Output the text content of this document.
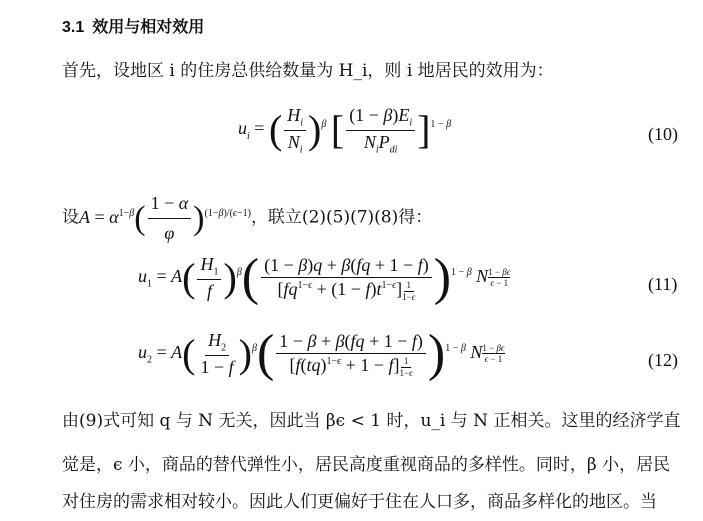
3.1 效用与相对效用
首先，设地区 i 的住房总供给数量为 H_i，则 i 地居民的效用为：
$u_i$ = ( $\frac{H_i}{N_i} )^\beta$ [ $\frac{(1 - \beta)E_i}{N_iP_{di}} ]^{1 - \beta}$	(10)
设$A = \alpha^{1-\beta}( \frac{1 - \alpha}{\varphi} )^{(1-\beta)/(\epsilon-1)}$，联立(2)(5)(7)(8)得：
$u_1 = A( \frac{H_1}{f} )^\beta( \frac{(1 - \beta)q + \beta(fq + 1 - f)}{[fq^{1-\epsilon} + (1 - f)t^{1-\epsilon}] \frac{1}{1-\epsilon}} )^{1 - \beta}$ N $\frac{1 - \beta\epsilon}{\epsilon - 1}$	(11)
$u_2 = A( \frac{H_2}{1 - f} )^\beta( \frac{1 - \beta + \beta(fq + 1 - f)}{[f(tq)^{1-\epsilon} + 1 - f] \frac{1}{1-\epsilon}} )^{1 - \beta}$ N $\frac{1 - \beta\epsilon}{\epsilon - 1}$	(12)
由(9)式可知 q 与 N 无关，因此当 βϵ < 1 时，u_i 与 N 正相关。这里的经济学直
觉是，ϵ 小，商品的替代弹性小，居民高度重视商品的多样性。同时，β 小，居民
对住房的需求相对较小。因此人们更偏好于住在人口多，商品多样化的地区。当
